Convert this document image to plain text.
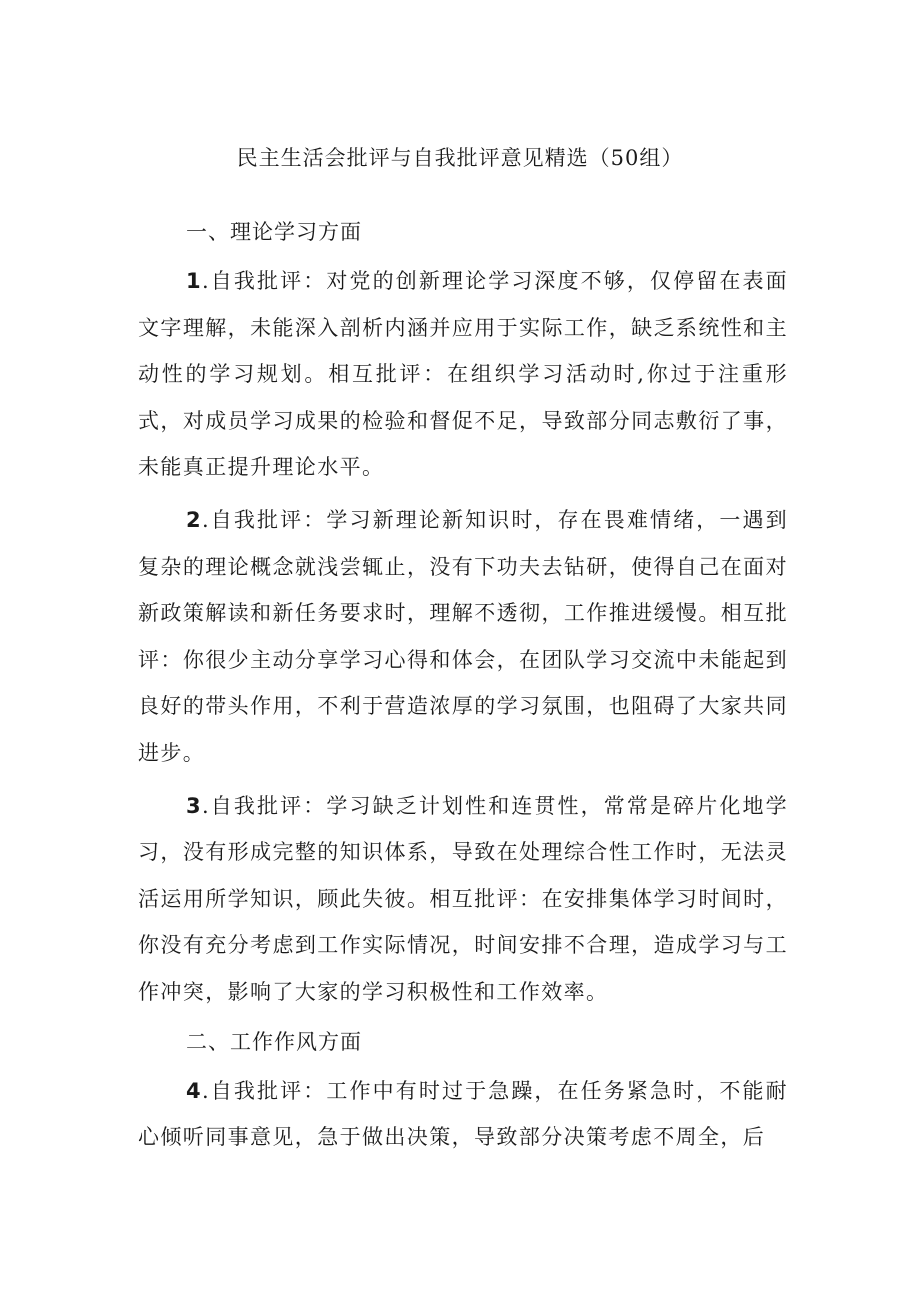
民主生活会批评与自我批评意见精选（50组）
一、理论学习方面

1.自我批评：对党的创新理论学习深度不够，仅停留在表面文字理解，未能深入剖析内涵并应用于实际工作，缺乏系统性和主动性的学习规划。相互批评：在组织学习活动时,你过于注重形式，对成员学习成果的检验和督促不足，导致部分同志敷衍了事，未能真正提升理论水平。

2.自我批评：学习新理论新知识时，存在畏难情绪，一遇到复杂的理论概念就浅尝辄止，没有下功夫去钻研，使得自己在面对新政策解读和新任务要求时，理解不透彻，工作推进缓慢。相互批评：你很少主动分享学习心得和体会，在团队学习交流中未能起到良好的带头作用，不利于营造浓厚的学习氛围，也阻碍了大家共同进步。

3.自我批评：学习缺乏计划性和连贯性，常常是碎片化地学习，没有形成完整的知识体系，导致在处理综合性工作时，无法灵活运用所学知识，顾此失彼。相互批评：在安排集体学习时间时，你没有充分考虑到工作实际情况，时间安排不合理，造成学习与工作冲突，影响了大家的学习积极性和工作效率。

二、工作作风方面

4.自我批评：工作中有时过于急躁，在任务紧急时，不能耐心倾听同事意见，急于做出决策，导致部分决策考虑不周全，后
